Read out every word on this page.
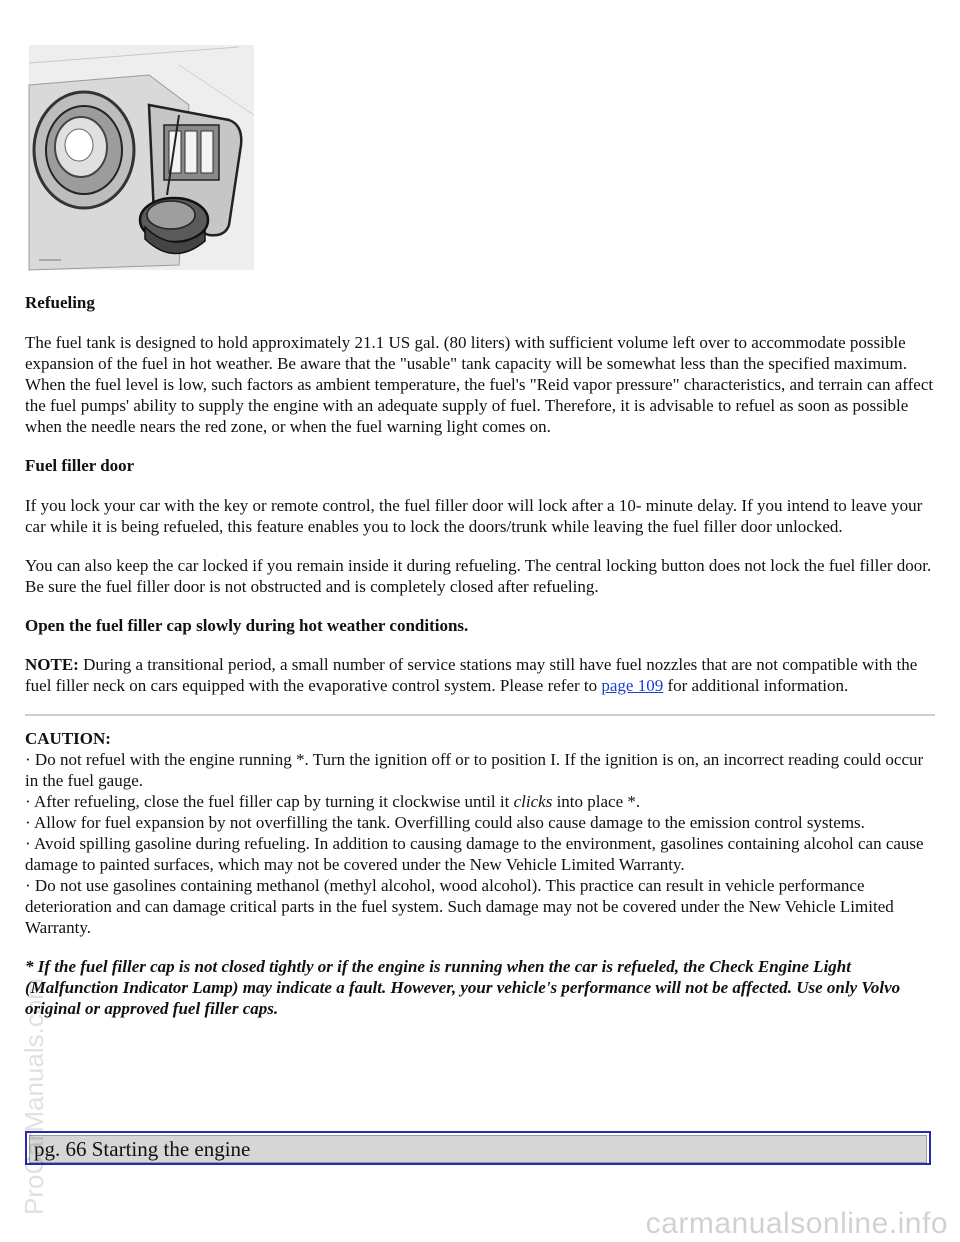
Refueling

The fuel tank is designed to hold approximately 21.1 US gal. (80 liters) with sufficient volume left over to accommodate possible expansion of the fuel in hot weather. Be aware that the "usable" tank capacity will be somewhat less than the specified maximum. When the fuel level is low, such factors as ambient temperature, the fuel's "Reid vapor pressure" characteristics, and terrain can affect the fuel pumps' ability to supply the engine with an adequate supply of fuel. Therefore, it is advisable to refuel as soon as possible when the needle nears the red zone, or when the fuel warning light comes on.

Fuel filler door

If you lock your car with the key or remote control, the fuel filler door will lock after a 10- minute delay. If you intend to leave your car while it is being refueled, this feature enables you to lock the doors/trunk while leaving the fuel filler door unlocked.

You can also keep the car locked if you remain inside it during refueling. The central locking button does not lock the fuel filler door. Be sure the fuel filler door is not obstructed and is completely closed after refueling.

Open the fuel filler cap slowly during hot weather conditions.

NOTE: During a transitional period, a small number of service stations may still have fuel nozzles that are not compatible with the fuel filler neck on cars equipped with the evaporative control system. Please refer to page 109 for additional information.

CAUTION:

· Do not refuel with the engine running *. Turn the ignition off or to position I. If the ignition is on, an incorrect reading could occur in the fuel gauge.

· After refueling, close the fuel filler cap by turning it clockwise until it clicks into place *.

· Allow for fuel expansion by not overfilling the tank. Overfilling could also cause damage to the emission control systems.

· Avoid spilling gasoline during refueling. In addition to causing damage to the environment, gasolines containing alcohol can cause damage to painted surfaces, which may not be covered under the New Vehicle Limited Warranty.

· Do not use gasolines containing methanol (methyl alcohol, wood alcohol). This practice can result in vehicle performance deterioration and can damage critical parts in the fuel system. Such damage may not be covered under the New Vehicle Limited Warranty.

* If the fuel filler cap is not closed tightly or if the engine is running when the car is refueled, the Check Engine Light (Malfunction Indicator Lamp) may indicate a fault. However, your vehicle's performance will not be affected. Use only Volvo original or approved fuel filler caps.

pg. 66 Starting the engine
ProCarManuals.com
carmanualsonline.info
